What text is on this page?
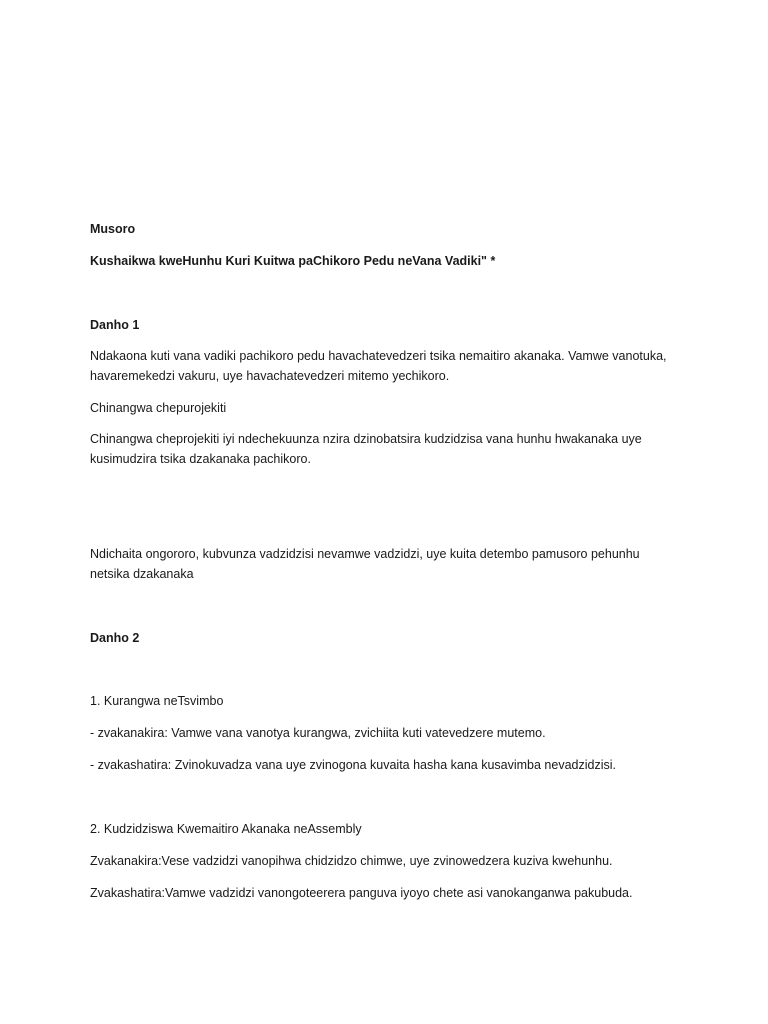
Musoro

Kushaikwa kweHunhu Kuri Kuitwa paChikoro Pedu neVana Vadiki" *

Danho 1

Ndakaona kuti vana vadiki pachikoro pedu havachatevedzeri tsika nemaitiro akanaka. Vamwe vanotuka, havaremekedzi vakuru, uye havachatevedzeri mitemo yechikoro.

Chinangwa chepurojekiti

Chinangwa cheprojekiti iyi ndechekuunza nzira dzinobatsira kudzidzisa vana hunhu hwakanaka uye kusimudzira tsika dzakanaka pachikoro.

Ndichaita ongororo, kubvunza vadzidzisi nevamwe vadzidzi, uye kuita detembo pamusoro pehunhu netsika dzakanaka

Danho 2

1. Kurangwa neTsvimbo

- zvakanakira: Vamwe vana vanotya kurangwa, zvichiita kuti vatevedzere mutemo.

- zvakashatira: Zvinokuvadza vana uye zvinogona kuvaita hasha kana kusavimba nevadzidzisi.

2. Kudzidziswa Kwemaitiro Akanaka neAssembly

Zvakanakira:Vese vadzidzi vanopihwa chidzidzo chimwe, uye zvinowedzera kuziva kwehunhu.

Zvakashatira:Vamwe vadzidzi vanongoteerera panguva iyoyo chete asi vanokanganwa pakubuda.
